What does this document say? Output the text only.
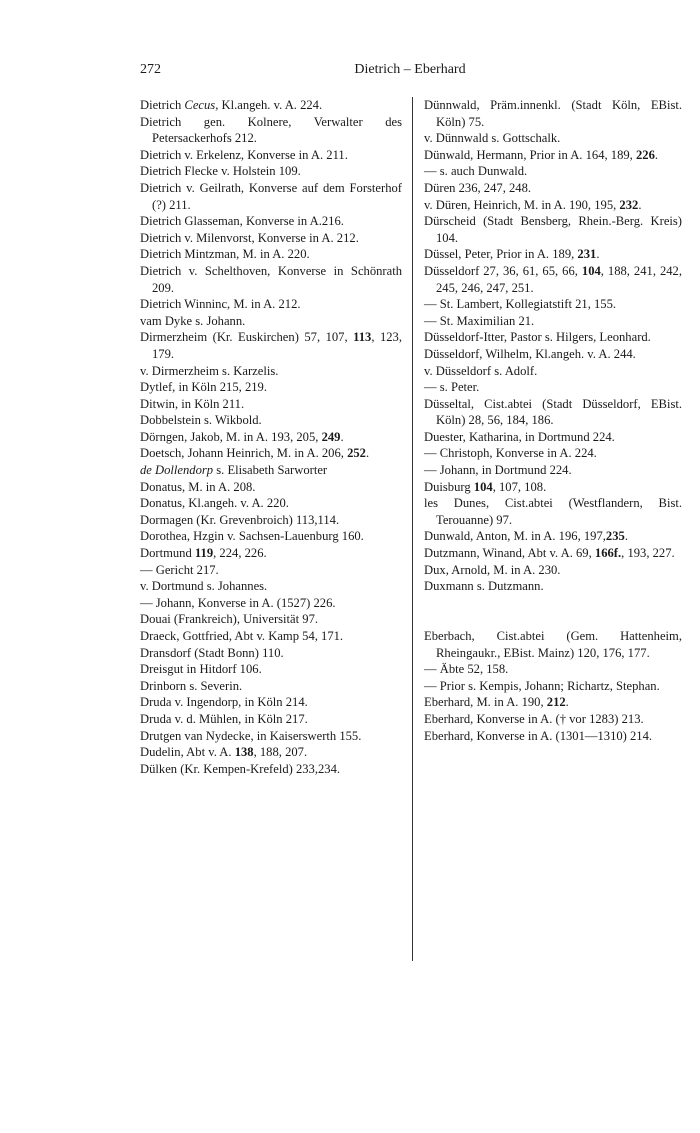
272	Dietrich – Eberhard
Dietrich Cecus, Kl.angeh. v. A. 224.
Dietrich gen. Kolnere, Verwalter des Petersackerhofs 212.
Dietrich v. Erkelenz, Konverse in A. 211.
Dietrich Flecke v. Holstein 109.
Dietrich v. Geilrath, Konverse auf dem Forsterhof (?) 211.
Dietrich Glasseman, Konverse in A.216.
Dietrich v. Milenvorst, Konverse in A. 212.
Dietrich Mintzman, M. in A. 220.
Dietrich v. Schelthoven, Konverse in Schönrath 209.
Dietrich Winninc, M. in A. 212.
vam Dyke s. Johann.
Dirmerzheim (Kr. Euskirchen) 57, 107, 113, 123, 179.
v. Dirmerzheim s. Karzelis.
Dytlef, in Köln 215, 219.
Ditwin, in Köln 211.
Dobbelstein s. Wikbold.
Dörngen, Jakob, M. in A. 193, 205, 249.
Doetsch, Johann Heinrich, M. in A. 206, 252.
de Dollendorp s. Elisabeth Sarworter
Donatus, M. in A. 208.
Donatus, Kl.angeh. v. A. 220.
Dormagen (Kr. Grevenbroich) 113,114.
Dorothea, Hzgin v. Sachsen-Lauenburg 160.
Dortmund 119, 224, 226.
— Gericht 217.
v. Dortmund s. Johannes.
— Johann, Konverse in A. (1527) 226.
Douai (Frankreich), Universität 97.
Draeck, Gottfried, Abt v. Kamp 54, 171.
Dransdorf (Stadt Bonn) 110.
Dreisgut in Hitdorf 106.
Drinborn s. Severin.
Druda v. Ingendorp, in Köln 214.
Druda v. d. Mühlen, in Köln 217.
Drutgen van Nydecke, in Kaiserswerth 155.
Dudelin, Abt v. A. 138, 188, 207.
Dülken (Kr. Kempen-Krefeld) 233,234.
Dünnwald, Präm.innenkl. (Stadt Köln, EBist. Köln) 75.
v. Dünnwald s. Gottschalk.
Dünwald, Hermann, Prior in A. 164, 189, 226.
— s. auch Dunwald.
Düren 236, 247, 248.
v. Düren, Heinrich, M. in A. 190, 195, 232.
Dürscheid (Stadt Bensberg, Rhein.-Berg. Kreis) 104.
Düssel, Peter, Prior in A. 189, 231.
Düsseldorf 27, 36, 61, 65, 66, 104, 188, 241, 242, 245, 246, 247, 251.
— St. Lambert, Kollegiatstift 21, 155.
— St. Maximilian 21.
Düsseldorf-Itter, Pastor s. Hilgers, Leonhard.
Düsseldorf, Wilhelm, Kl.angeh. v. A. 244.
v. Düsseldorf s. Adolf.
— s. Peter.
Düsseltal, Cist.abtei (Stadt Düsseldorf, EBist. Köln) 28, 56, 184, 186.
Duester, Katharina, in Dortmund 224.
— Christoph, Konverse in A. 224.
— Johann, in Dortmund 224.
Duisburg 104, 107, 108.
les Dunes, Cist.abtei (Westflandern, Bist. Terouanne) 97.
Dunwald, Anton, M. in A. 196, 197,235.
Dutzmann, Winand, Abt v. A. 69, 166f., 193, 227.
Dux, Arnold, M. in A. 230.
Duxmann s. Dutzmann.
Eberbach, Cist.abtei (Gem. Hattenheim, Rheingaukr., EBist. Mainz) 120, 176, 177.
— Äbte 52, 158.
— Prior s. Kempis, Johann; Richartz, Stephan.
Eberhard, M. in A. 190, 212.
Eberhard, Konverse in A. († vor 1283) 213.
Eberhard, Konverse in A. (1301—1310) 214.
